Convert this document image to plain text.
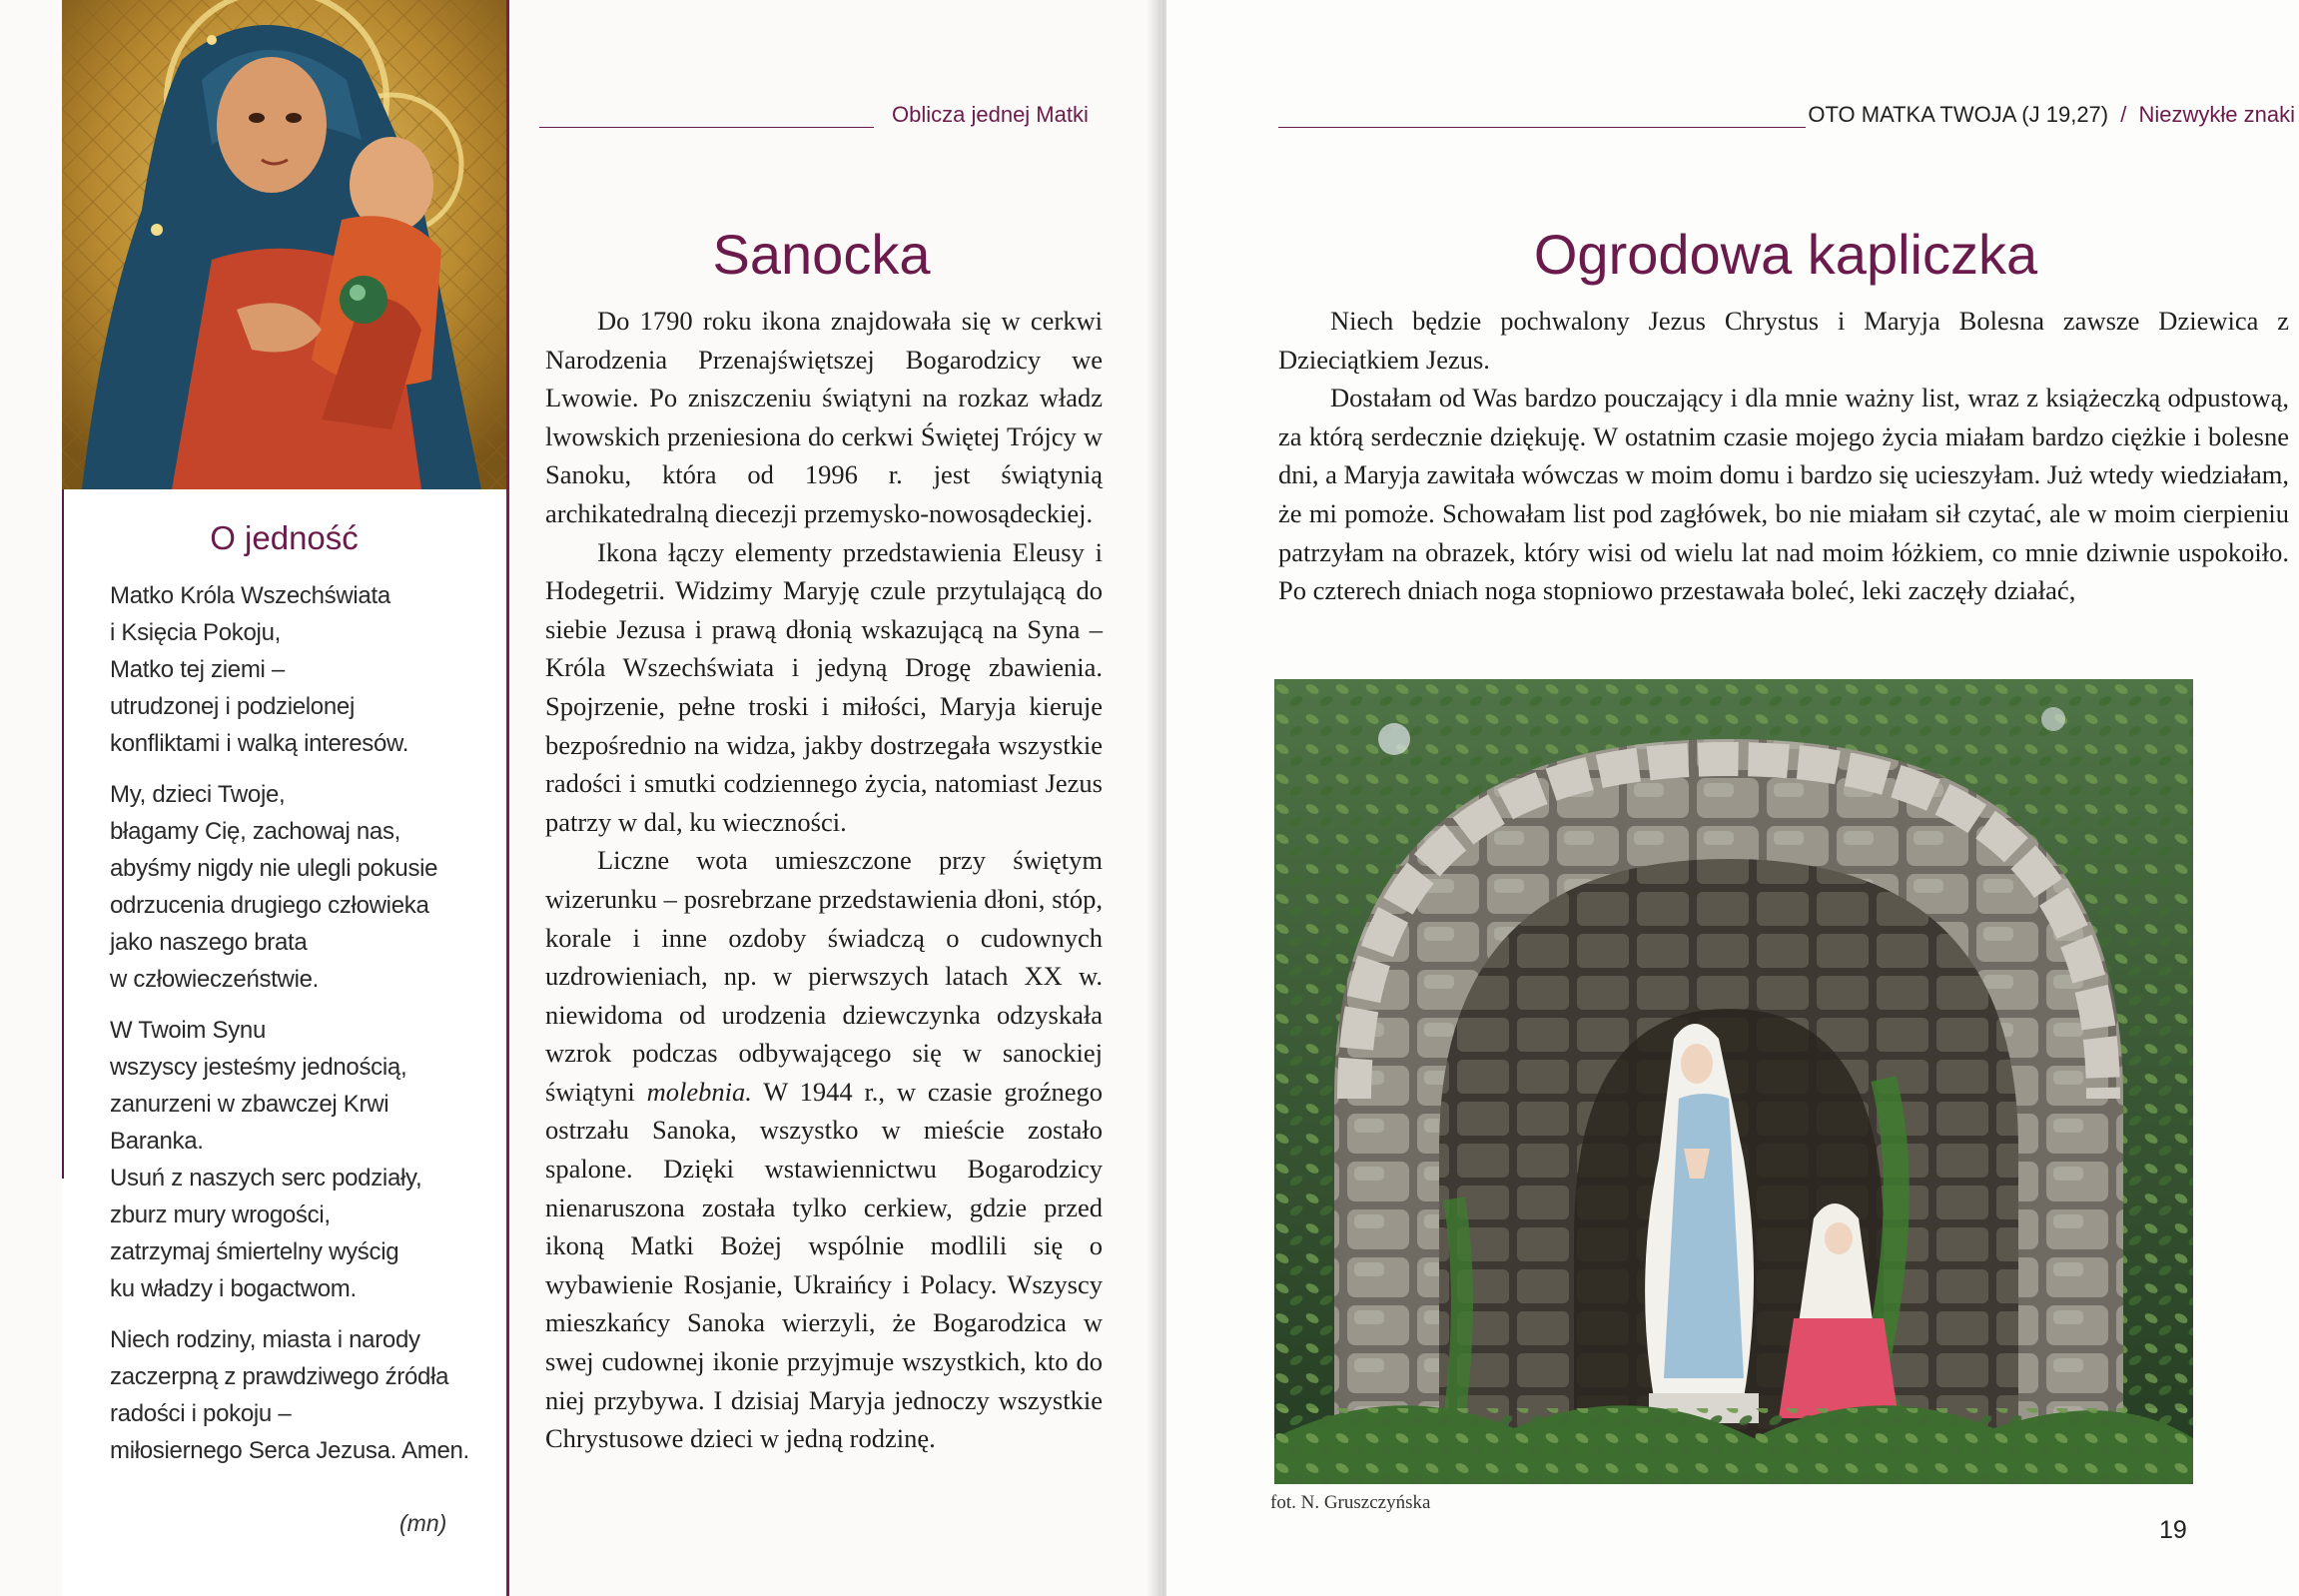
O jedność
Matko Króla Wszechświata
i Księcia Pokoju,
Matko tej ziemi –
utrudzonej i podzielonej
konfliktami i walką interesów.
My, dzieci Twoje,
błagamy Cię, zachowaj nas,
abyśmy nigdy nie ulegli pokusie
odrzucenia drugiego człowieka
jako naszego brata
w człowieczeństwie.
W Twoim Synu
wszyscy jesteśmy jednością,
zanurzeni w zbawczej Krwi
Baranka.
Usuń z naszych serc podziały,
zburz mury wrogości,
zatrzymaj śmiertelny wyścig
ku władzy i bogactwom.
Niech rodziny, miasta i narody
zaczerpną z prawdziwego źródła
radości i pokoju –
miłosiernego Serca Jezusa. Amen.
(mn)
Oblicza jednej Matki
Sanocka

Do 1790 roku ikona znajdowała się w cerkwi Narodzenia Przenajświętszej Bogarodzicy we Lwowie. Po zniszczeniu świątyni na rozkaz władz lwowskich przeniesiona do cerkwi Świętej Trójcy w Sanoku, która od 1996 r. jest świątynią archikatedralną diecezji przemysko-nowosądeckiej.

Ikona łączy elementy przedstawienia Eleusy i Hodegetrii. Widzimy Maryję czule przytulającą do siebie Jezusa i prawą dłonią wskazującą na Syna – Króla Wszechświata i jedyną Drogę zbawienia. Spojrzenie, pełne troski i miłości, Maryja kieruje bezpośrednio na widza, jakby dostrzegała wszystkie radości i smutki codziennego życia, natomiast Jezus patrzy w dal, ku wieczności.

Liczne wota umieszczone przy świętym wizerunku – posrebrzane przedstawienia dłoni, stóp, korale i inne ozdoby świadczą o cudownych uzdrowieniach, np. w pierwszych latach XX w. niewidoma od urodzenia dziewczynka odzyskała wzrok podczas odbywającego się w sanockiej świątyni molebnia. W 1944 r., w czasie groźnego ostrzału Sanoka, wszystko w mieście zostało spalone. Dzięki wstawiennictwu Bogarodzicy nienaruszona została tylko cerkiew, gdzie przed ikoną Matki Bożej wspólnie modlili się o wybawienie Rosjanie, Ukraińcy i Polacy. Wszyscy mieszkańcy Sanoka wierzyli, że Bogarodzica w swej cudownej ikonie przyjmuje wszystkich, kto do niej przybywa. I dzisiaj Maryja jednoczy wszystkie Chrystusowe dzieci w jedną rodzinę.

OTO MATKA TWOJA (J 19,27) / Niezwykłe znaki
Ogrodowa kapliczka

Niech będzie pochwalony Jezus Chrystus i Maryja Bolesna zawsze Dziewica z Dzieciątkiem Jezus.

Dostałam od Was bardzo pouczający i dla mnie ważny list, wraz z książeczką odpustową, za którą serdecznie dziękuję. W ostatnim czasie mojego życia miałam bardzo ciężkie i bolesne dni, a Maryja zawitała wówczas w moim domu i bardzo się ucieszyłam. Już wtedy wiedziałam, że mi pomoże. Schowałam list pod zagłówek, bo nie miałam sił czytać, ale w moim cierpieniu patrzyłam na obrazek, który wisi od wielu lat nad moim łóżkiem, co mnie dziwnie uspokoiło. Po czterech dniach noga stopniowo przestawała boleć, leki zaczęły działać,

fot. N. Gruszczyńska
19
